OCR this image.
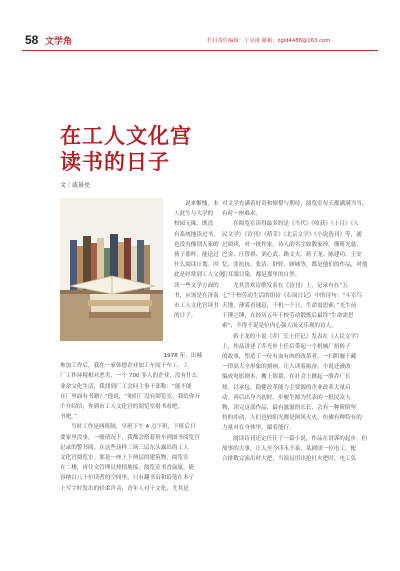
58 文学角	栏目责任编辑：丁亮甫 邮箱：zgld4488@163.com
在工人文化宫
读书的日子
文｜戚景亮

说来惭愧，本

人此生与大学的

校园无缘。既没

有系统地读过书，

也没有像别人家的

孩子那样，能送过

什么阅读计划。因

此是经常到工人文化

读一些文学方面的

书，应该是在济南

市工人文化宫读书

的日子。

1978 年，出城

参加工作后，我在一家韩德企业加工车间干车工。工

厂工作环境相对恶劣，一个 700 多人的企业，没有什么

业余文化生活，我找到厂工会问主事干部称：“能不能

在厂里面有书籍？”他说，“咱们厂没有阅览室，我给你开

个介绍信，你到市工人文化宫的阅览室借书看吧，

书吧。”

当时工作是两班制，早班下午 4 点下班，下班后只

要家里没事，一般情况下，我都会搭着班车到图书阅览宫

记录的警书阅。在这些这样二场三层东头露出的工人

文化宫阅览室。那是一座上下两层的建筑物，阅览室

在二楼，再往文管理员热情地接，阅览室书香氤氲，能

容纳百八十位读者的空间里，只有翻书页和铅笔在本子

上写字时发出的轻柔声音，青年人对于文化，尤其是

对文学充满着好奇和憧憬与期待，阅览室每天都满满当当，

有时一座难求。

在阅览室读得最多的是《当代》《收获》《十月》《人

民文学》《诗刊》《萌芽》《北京文学》《小说选刊》等，通

过阅读，对一批作家、诗人的名字如数家珍，像蒋光慈、

巴金、汪曾祺、刘心武、路文夫、蒋子龙、陈建功、王安

忆、张抗抗、张洁、舒婷、顾城等，都是他们的作品，对他

们耳濡目染，都是那里的自然。

尤其喜欢诗歌发表在《诗刊》上，记录有在“五

七”干校劳动生活的组诗《石岗日记》中的诗句：“斗室鸟

天地，薄雾看球息，千机一千日，生命需思索，”光生前

千锤之锤，在经历五年干校劳动锻炼后最终“生命需思

索”，不得不说是位内心强大而又乐观的诗人。

蒋子龙的小说《乔厂长上任记》发表在《人民文学》

上，作品讲述了乔光朴上任后带起一个机械厂扭转子

的故事，塑造了一位有血有肉的改革者，一扫阴霾于藏

一律高大全形象的刻画，让人读着振奋。小说还被改

编成电影剧本，搬上银幕，在社会上掀起一股乔厂长

热。以承包、稳健改革能力主要源的企业改革大量启

动。再后出身当初时，步履生源为代表的一批民众人

物，读完这部作品，最有滋滋的长长，会有一种阶阶坚

持的冲动，人们也较阳光都是阿风火火，仿佛有种特有的

力量对在身体里，揣着能行。

阅读诗刊还定任任了一篇小说，作品在讲诉的起步，但

故事的大事，让人至今印永不泰，某剧团一位电工，配

合排数完演出时大把，当演员用出抢打火把时，电工负
